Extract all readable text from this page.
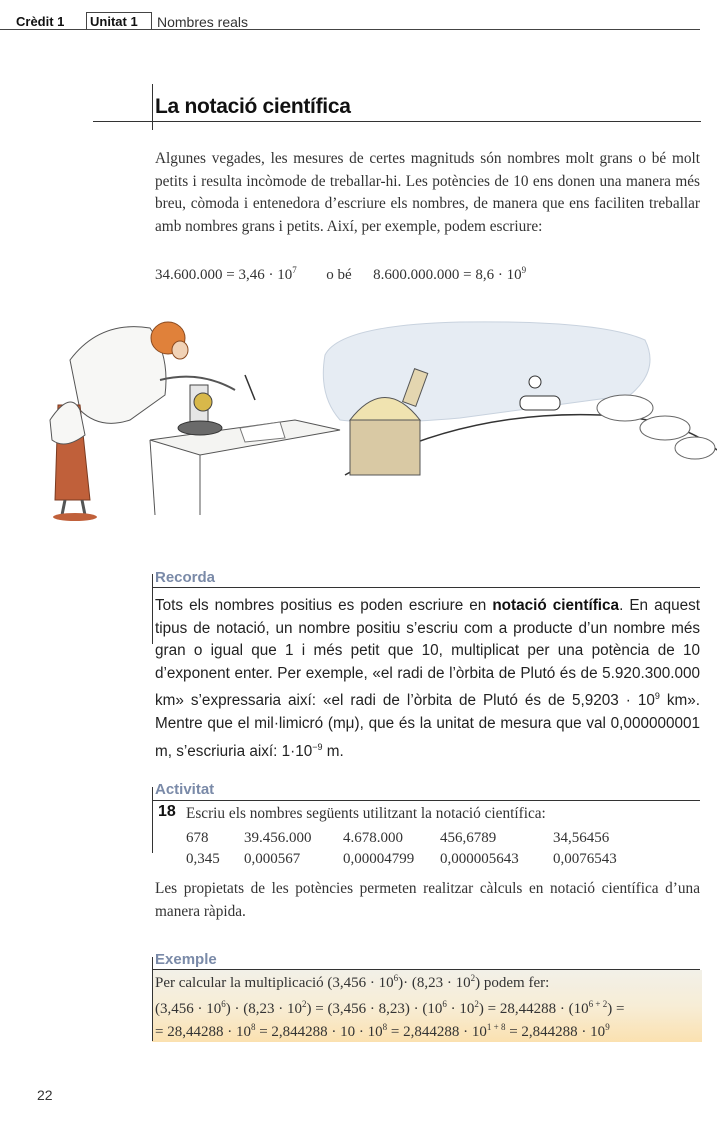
Crèdit 1 Unitat 1 Nombres reals
La notació científica
Algunes vegades, les mesures de certes magnituds són nombres molt grans o bé molt petits i resulta incòmode de treballar-hi. Les potències de 10 ens donen una manera més breu, còmoda i entenedora d’escriure els nombres, de manera que ens faciliten treballar amb nombres grans i petits. Així, per exemple, podem escriure:
$34.600.000 = 3,46 \cdot 10^7$ o bé $8.600.000.000 = 8,6 \cdot 10^9$
Recorda
Tots els nombres positius es poden escriure en notació científica. En aquest tipus de notació, un nombre positiu s’escriu com a producte d’un nombre més gran o igual que 1 i més petit que 10, multiplicat per una potència de 10 d’exponent enter. Per exemple, «el radi de l’òrbita de Plutó és de 5.920.300.000 km» s’expressaria així: «el radi de l’òrbita de Plutó és de $5,9203 \cdot 10^9$ km». Mentre que el mil·limicró (mμ), que és la unitat de mesura que val 0,000000001 m, s’escriuria així: $1\cdot 10^{-9}$ m.
Activitat
18 Escriu els nombres següents utilitzant la notació científica:
678	39.456.000	4.678.000	456,6789	34,56456
0,345	0,000567	0,00004799	0,000005643	0,0076543
Les propietats de les potències permeten realitzar càlculs en notació científica d’una manera ràpida.
Exemple
Per calcular la multiplicació $(3,456 \cdot 10^6)\cdot (8,23 \cdot 10^2)$ podem fer:
$(3,456 \cdot 10^6) \cdot (8,23 \cdot 10^2) = (3,456 \cdot 8,23) \cdot (10^6 \cdot 10^2) = 28,44288 \cdot (10^{6 + 2})$ =
= $28,44288 \cdot 10^8 = 2,844288 \cdot 10 \cdot 10^8 = 2,844288 \cdot 10^{1 + 8} = 2,844288 \cdot 10^9$
22
